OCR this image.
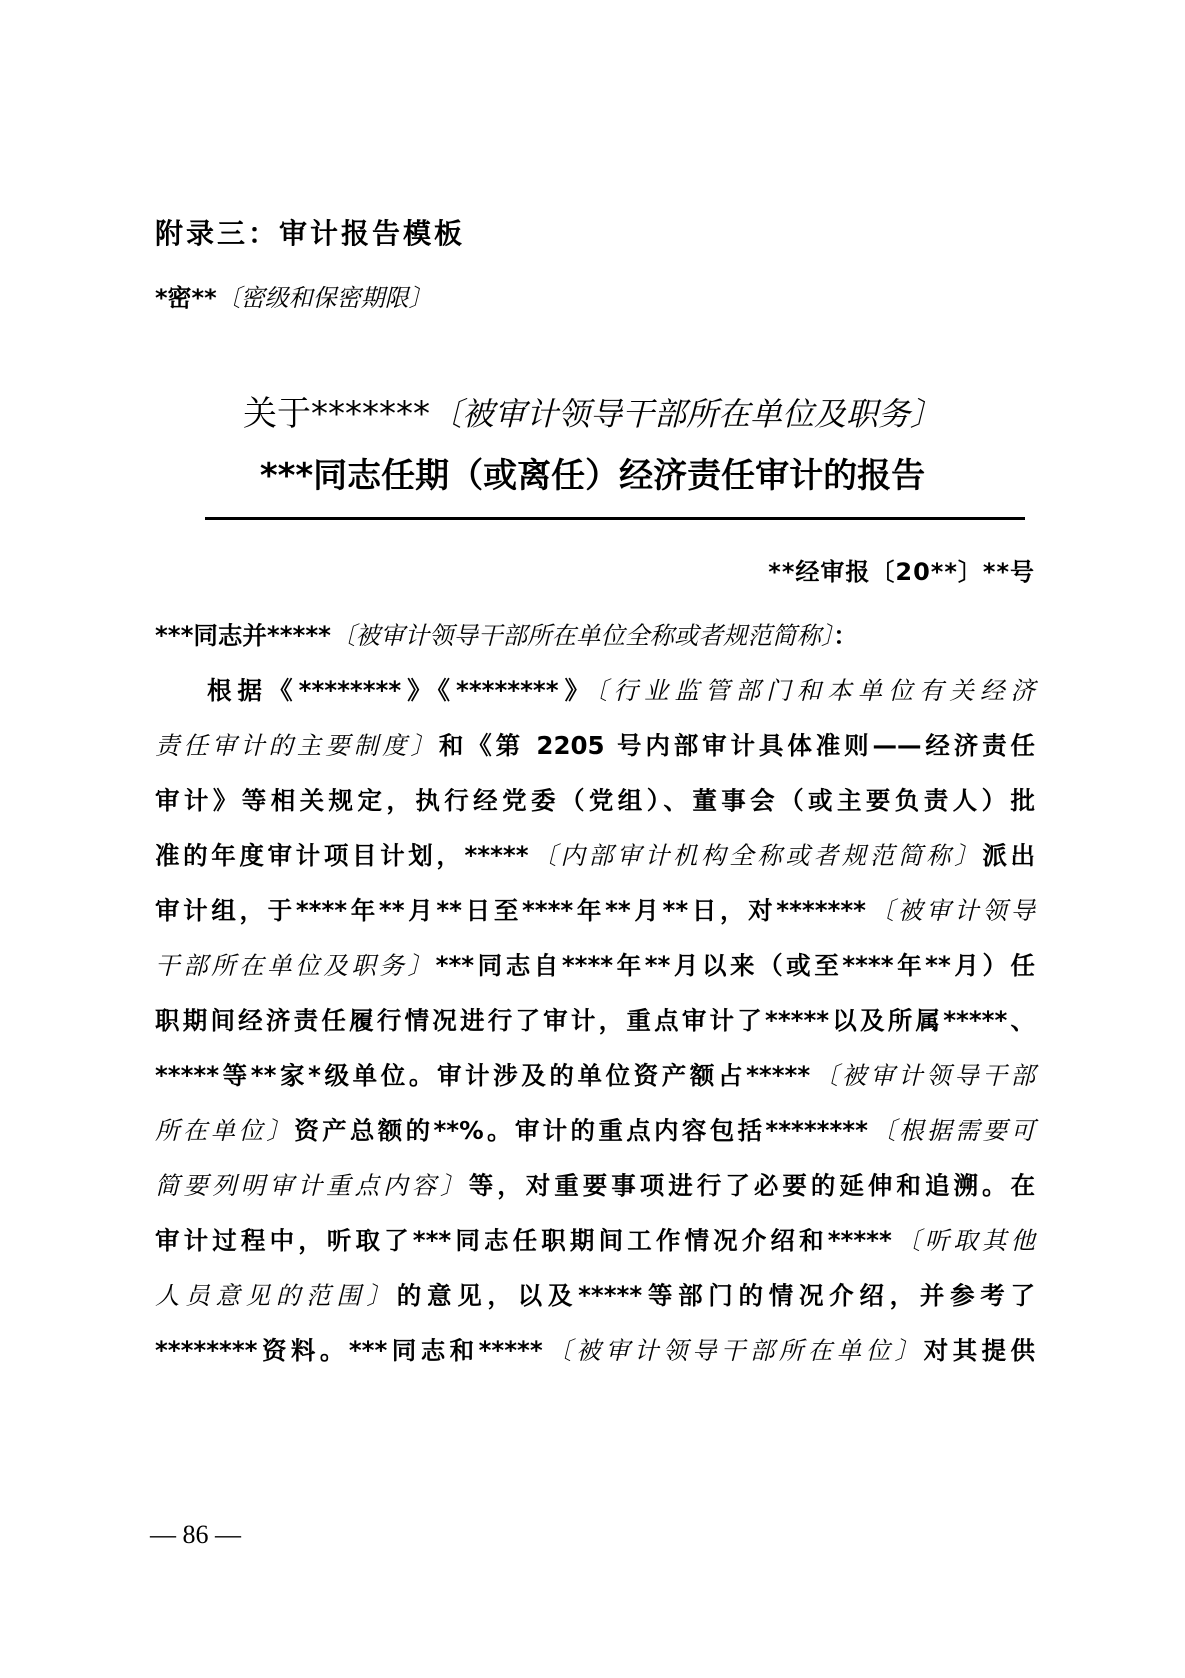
附录三：审计报告模板
*密**〔密级和保密期限〕
关于*******〔被审计领导干部所在单位及职务〕
***同志任期（或离任）经济责任审计的报告
**经审报〔20**〕**号
***同志并*****〔被审计领导干部所在单位全称或者规范简称〕：
根据《********》《********》〔行业监管部门和本单位有关经济
责任审计的主要制度〕和《第 2205 号内部审计具体准则——经济责任
审计》等相关规定，执行经党委（党组）、董事会（或主要负责人）批
准的年度审计项目计划，*****〔内部审计机构全称或者规范简称〕派出
审计组，于****年**月**日至****年**月**日，对*******〔被审计领导
干部所在单位及职务〕***同志自****年**月以来（或至****年**月）任
职期间经济责任履行情况进行了审计，重点审计了*****以及所属*****、
*****等**家*级单位。审计涉及的单位资产额占*****〔被审计领导干部
所在单位〕资产总额的**%。审计的重点内容包括********〔根据需要可
简要列明审计重点内容〕等，对重要事项进行了必要的延伸和追溯。在
审计过程中，听取了***同志任职期间工作情况介绍和*****〔听取其他
人员意见的范围〕的意见，以及*****等部门的情况介绍，并参考了
********资料。***同志和*****〔被审计领导干部所在单位〕对其提供
— 86 —
